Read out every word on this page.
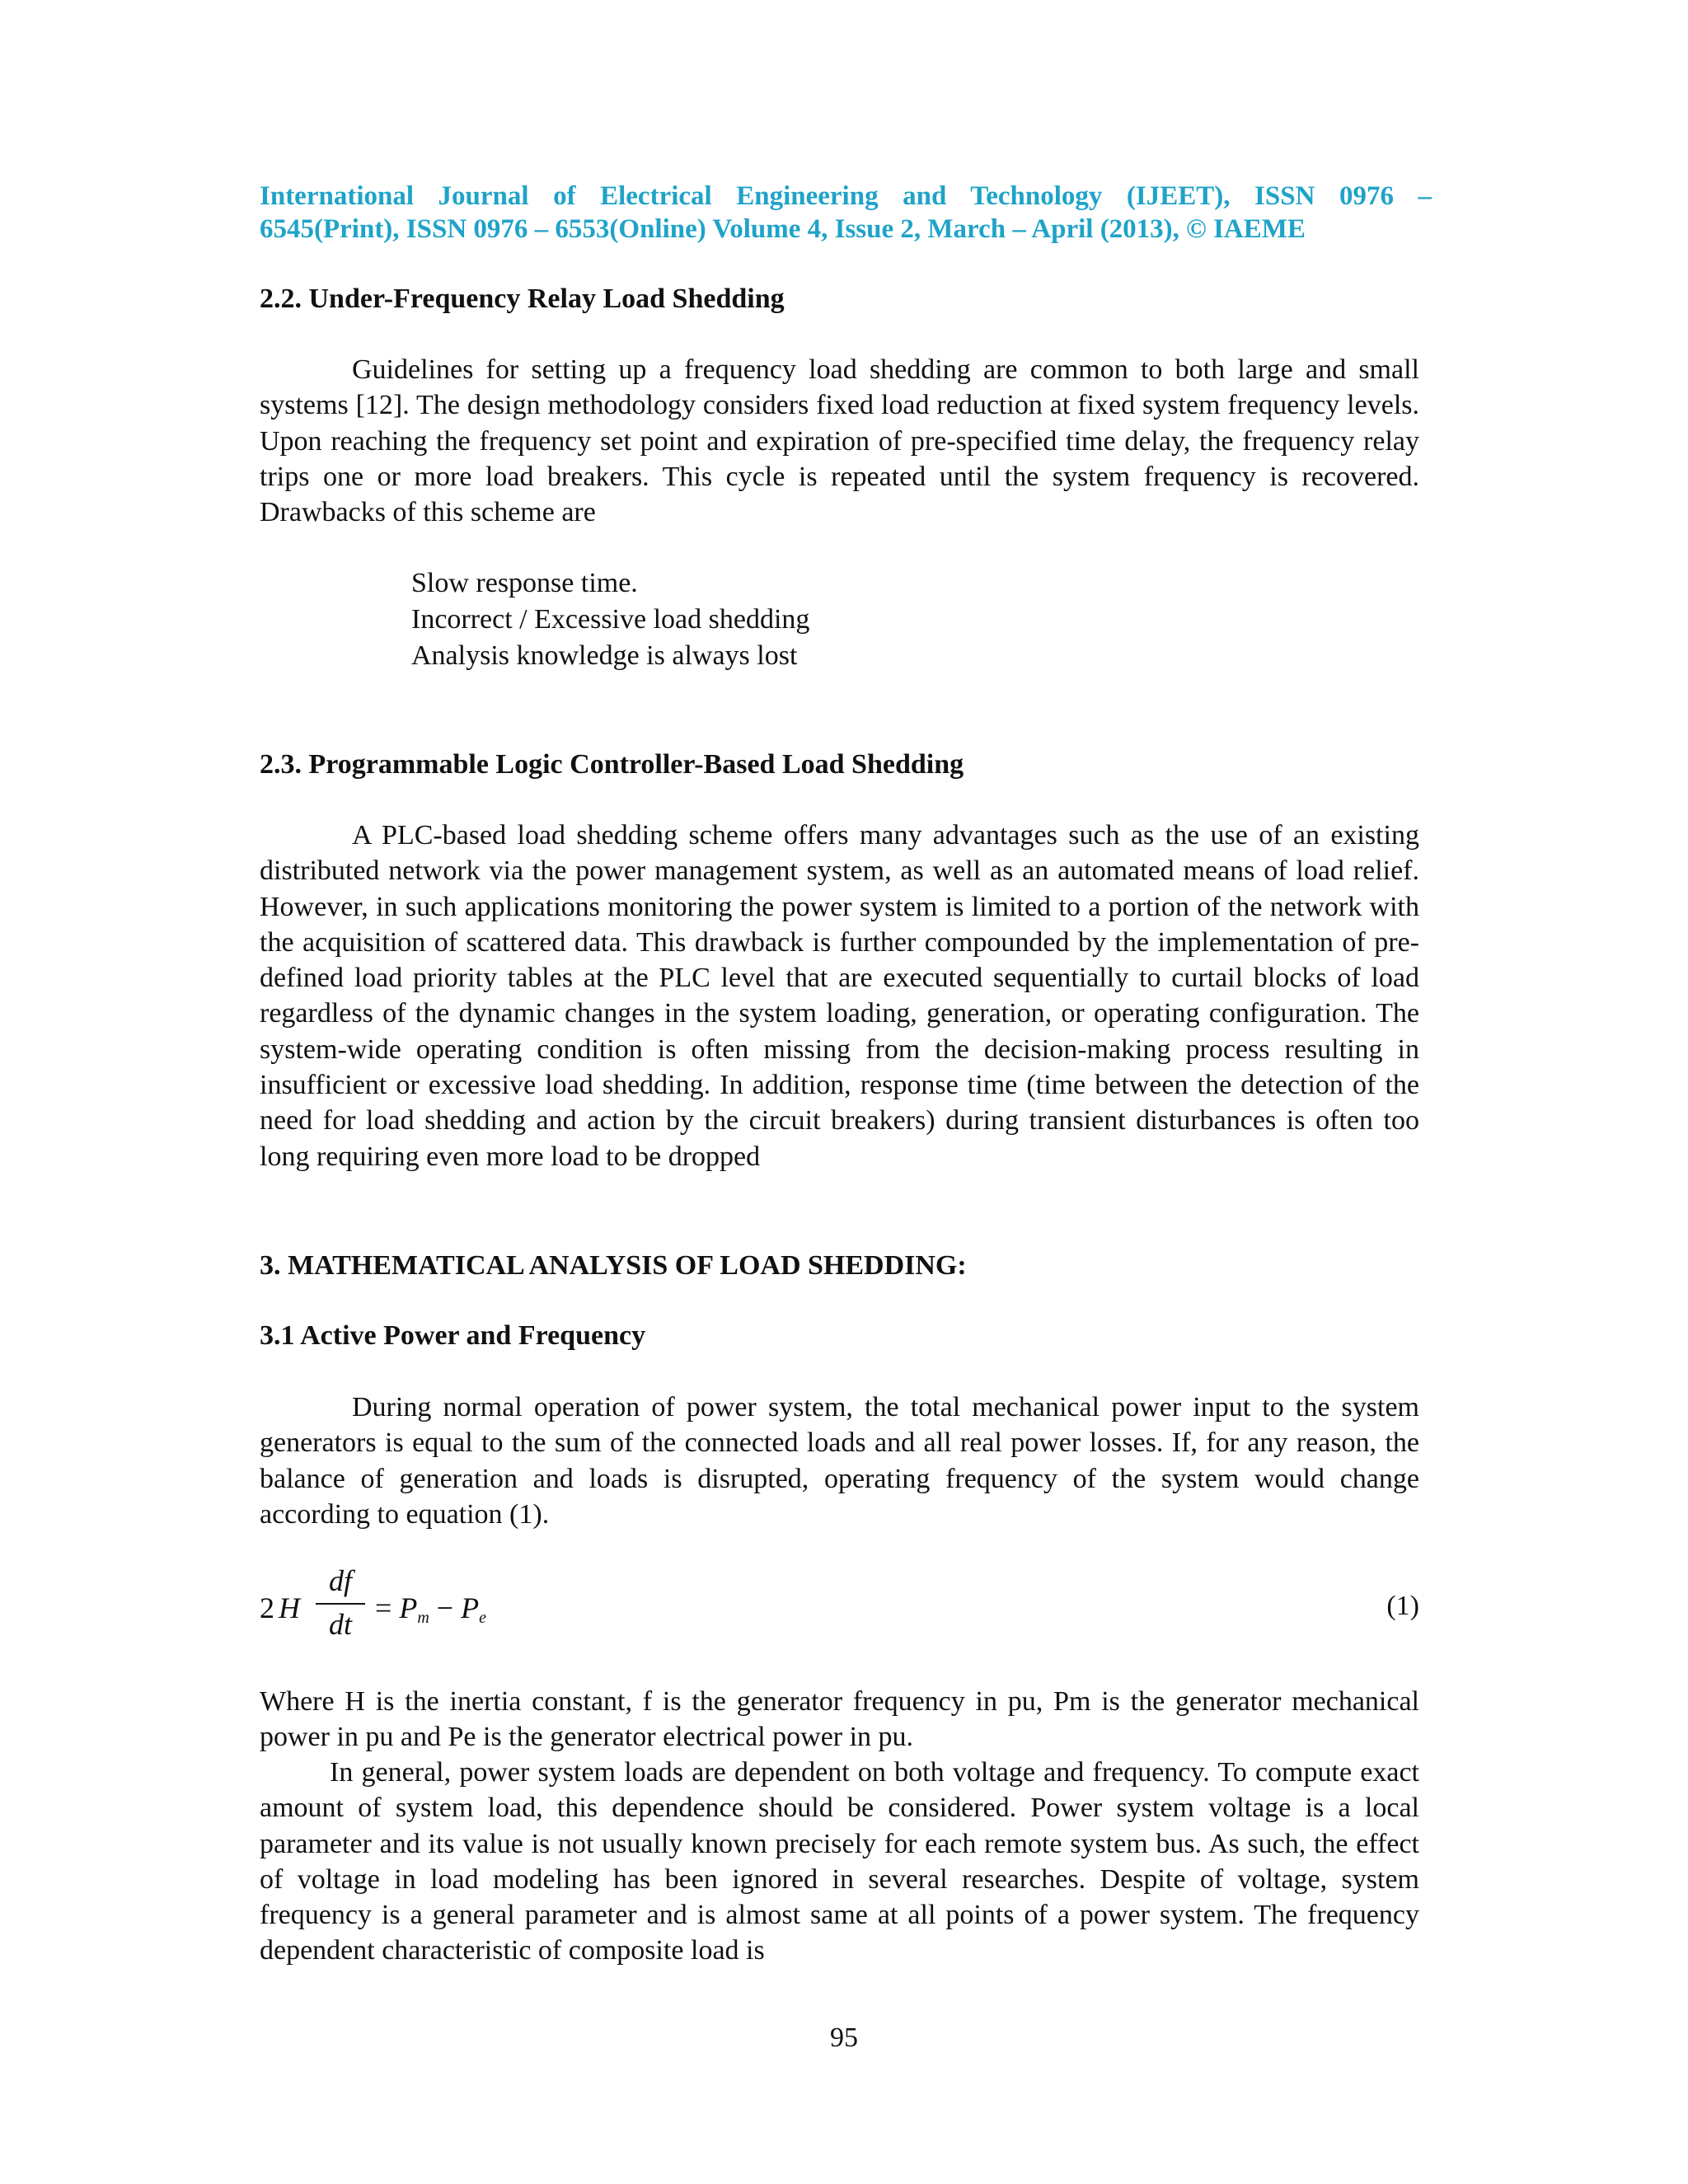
International Journal of Electrical Engineering and Technology (IJEET), ISSN 0976 –
6545(Print), ISSN 0976 – 6553(Online) Volume 4, Issue 2, March – April (2013), © IAEME
2.2. Under-Frequency Relay Load Shedding

Guidelines for setting up a frequency load shedding are common to both large and small systems [12]. The design methodology considers fixed load reduction at fixed system frequency levels. Upon reaching the frequency set point and expiration of pre-specified time delay, the frequency relay trips one or more load breakers. This cycle is repeated until the system frequency is recovered. Drawbacks of this scheme are

Slow response time.
Incorrect / Excessive load shedding
Analysis knowledge is always lost
2.3. Programmable Logic Controller-Based Load Shedding

A PLC-based load shedding scheme offers many advantages such as the use of an existing distributed network via the power management system, as well as an automated means of load relief. However, in such applications monitoring the power system is limited to a portion of the network with the acquisition of scattered data. This drawback is further compounded by the implementation of pre-defined load priority tables at the PLC level that are executed sequentially to curtail blocks of load regardless of the dynamic changes in the system loading, generation, or operating configuration. The system-wide operating condition is often missing from the decision-making process resulting in insufficient or excessive load shedding. In addition, response time (time between the detection of the need for load shedding and action by the circuit breakers) during transient disturbances is often too long requiring even more load to be dropped

3. MATHEMATICAL ANALYSIS OF LOAD SHEDDING:
3.1 Active Power and Frequency

During normal operation of power system, the total mechanical power input to the system generators is equal to the sum of the connected loads and all real power losses. If, for any reason, the balance of generation and loads is disrupted, operating frequency of the system would change according to equation (1).

2 H
df
dt = $P_m - P_e$	(1)

Where H is the inertia constant, f is the generator frequency in pu, Pm is the generator mechanical power in pu and Pe is the generator electrical power in pu.

In general, power system loads are dependent on both voltage and frequency. To compute exact amount of system load, this dependence should be considered. Power system voltage is a local parameter and its value is not usually known precisely for each remote system bus. As such, the effect of voltage in load modeling has been ignored in several researches. Despite of voltage, system frequency is a general parameter and is almost same at all points of a power system. The frequency dependent characteristic of composite load is

95
